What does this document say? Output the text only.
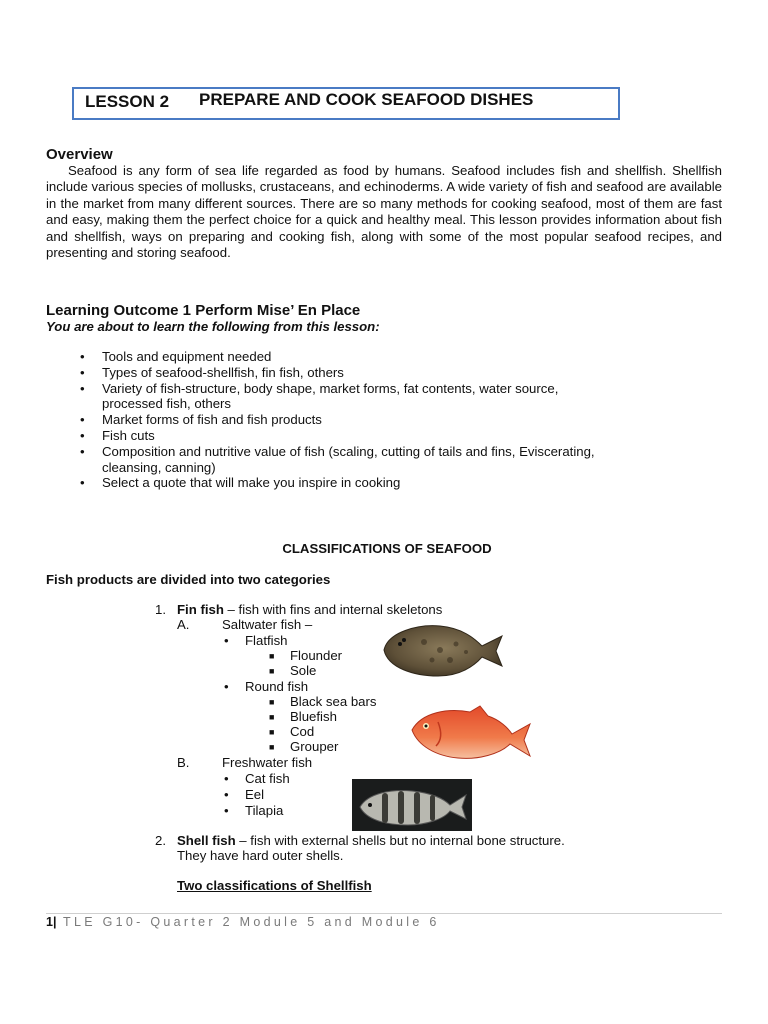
LESSON 2 PREPARE AND COOK SEAFOOD DISHES
Overview
Seafood is any form of sea life regarded as food by humans. Seafood includes fish and shellfish. Shellfish include various species of mollusks, crustaceans, and echinoderms. A wide variety of fish and seafood are available in the market from many different sources. There are so many methods for cooking seafood, most of them are fast and easy, making them the perfect choice for a quick and healthy meal. This lesson provides information about fish and shellfish, ways on preparing and cooking fish, along with some of the most popular seafood recipes, and presenting and storing seafood.
Learning Outcome 1 Perform Mise’ En Place
You are about to learn the following from this lesson:
• Tools and equipment needed
• Types of seafood-shellfish, fin fish, others
• Variety of fish-structure, body shape, market forms, fat contents, water source, processed fish, others
• Market forms of fish and fish products
• Fish cuts
• Composition and nutritive value of fish (scaling, cutting of tails and fins, Eviscerating, cleansing, canning)
• Select a quote that will make you inspire in cooking
CLASSIFICATIONS OF SEAFOOD
Fish products are divided into two categories
1. Fin fish – fish with fins and internal skeletons
A. Saltwater fish –
• Flatfish
■ Flounder
■ Sole
• Round fish
■ Black sea bars
■ Bluefish
■ Cod
■ Grouper
B. Freshwater fish
• Cat fish
• Eel
• Tilapia
2. Shell fish – fish with external shells but no internal bone structure.
They have hard outer shells.
Two classifications of Shellfish
1| TLE G10- Quarter 2 Module 5 and Module 6
